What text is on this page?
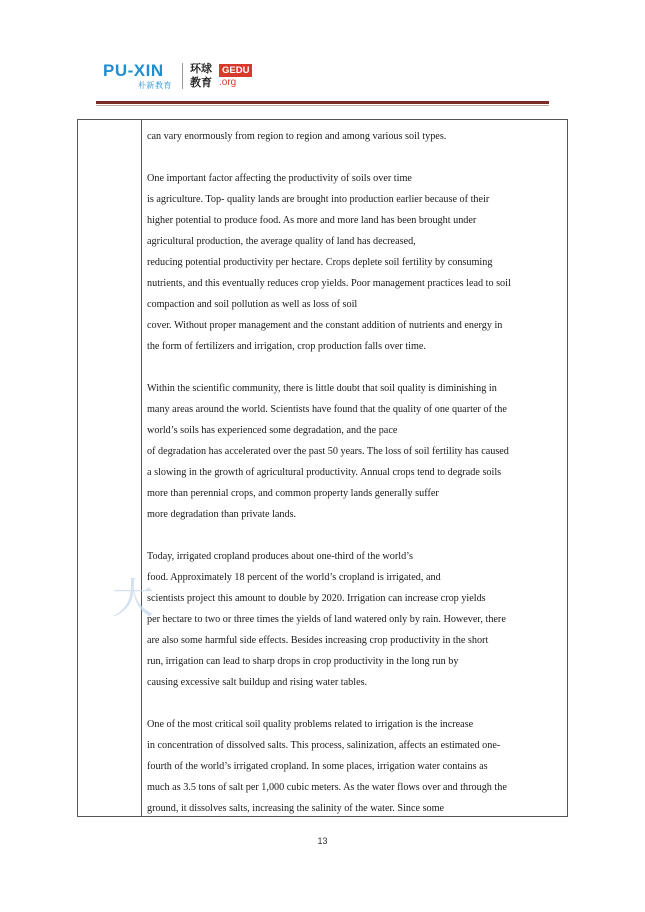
PU-XIN
朴新教育
环球教育
GEDU
.org
大
can vary enormously from region to region and among various soil types.
One important factor affecting the productivity of soils over time
is agriculture. Top- quality lands are brought into production earlier because of their
higher potential to produce food. As more and more land has been brought under
agricultural production, the average quality of land has decreased,
reducing potential productivity per hectare. Crops deplete soil fertility by consuming
nutrients, and this eventually reduces crop yields. Poor management practices lead to soil
compaction and soil pollution as well as loss of soil
cover. Without proper management and the constant addition of nutrients and energy in
the form of fertilizers and irrigation, crop production falls over time.
Within the scientific community, there is little doubt that soil quality is diminishing in
many areas around the world. Scientists have found that the quality of one quarter of the
world’s soils has experienced some degradation, and the pace
of degradation has accelerated over the past 50 years. The loss of soil fertility has caused
a slowing in the growth of agricultural productivity. Annual crops tend to degrade soils
more than perennial crops, and common property lands generally suffer
more degradation than private lands.
Today, irrigated cropland produces about one-third of the world’s
food. Approximately 18 percent of the world’s cropland is irrigated, and
scientists project this amount to double by 2020. Irrigation can increase crop yields
per hectare to two or three times the yields of land watered only by rain. However, there
are also some harmful side effects. Besides increasing crop productivity in the short
run, irrigation can lead to sharp drops in crop productivity in the long run by
causing excessive salt buildup and rising water tables.
One of the most critical soil quality problems related to irrigation is the increase
in concentration of dissolved salts. This process, salinization, affects an estimated one-
fourth of the world’s irrigated cropland. In some places, irrigation water contains as
much as 3.5 tons of salt per 1,000 cubic meters. As the water flows over and through the
ground, it dissolves salts, increasing the salinity of the water. Since some
13
